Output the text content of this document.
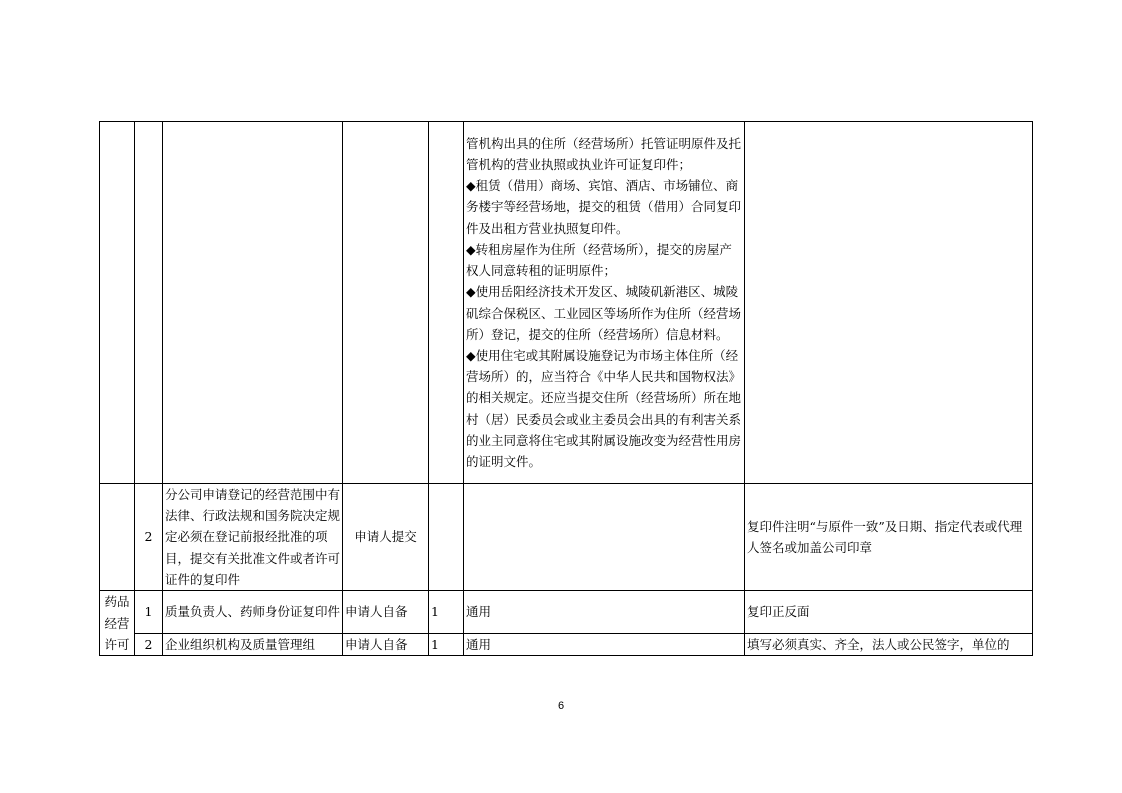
					管机构出具的住所（经营场所）托管证明原件及托管机构的营业执照或执业许可证复印件；
◆租赁（借用）商场、宾馆、酒店、市场铺位、商务楼宇等经营场地，提交的租赁（借用）合同复印件及出租方营业执照复印件。
◆转租房屋作为住所（经营场所），提交的房屋产权人同意转租的证明原件；
◆使用岳阳经济技术开发区、城陵矶新港区、城陵矶综合保税区、工业园区等场所作为住所（经营场所）登记，提交的住所（经营场所）信息材料。
◆使用住宅或其附属设施登记为市场主体住所（经营场所）的，应当符合《中华人民共和国物权法》的相关规定。还应当提交住所（经营场所）所在地村（居）民委员会或业主委员会出具的有利害关系的业主同意将住宅或其附属设施改变为经营性用房的证明文件。	

	2	分公司申请登记的经营范围中有法律、行政法规和国务院决定规定必须在登记前报经批准的项目，提交有关批准文件或者许可证件的复印件	申请人提交			复印件注明“与原件一致”及日期、指定代表或代理人签名或加盖公司印章
药品经营许可	1	质量负责人、药师身份证复印件	申请人自备	1	通用	复印正反面
	2	企业组织机构及质量管理组	申请人自备	1	通用	填写必须真实、齐全，法人或公民签字，单位的
6
